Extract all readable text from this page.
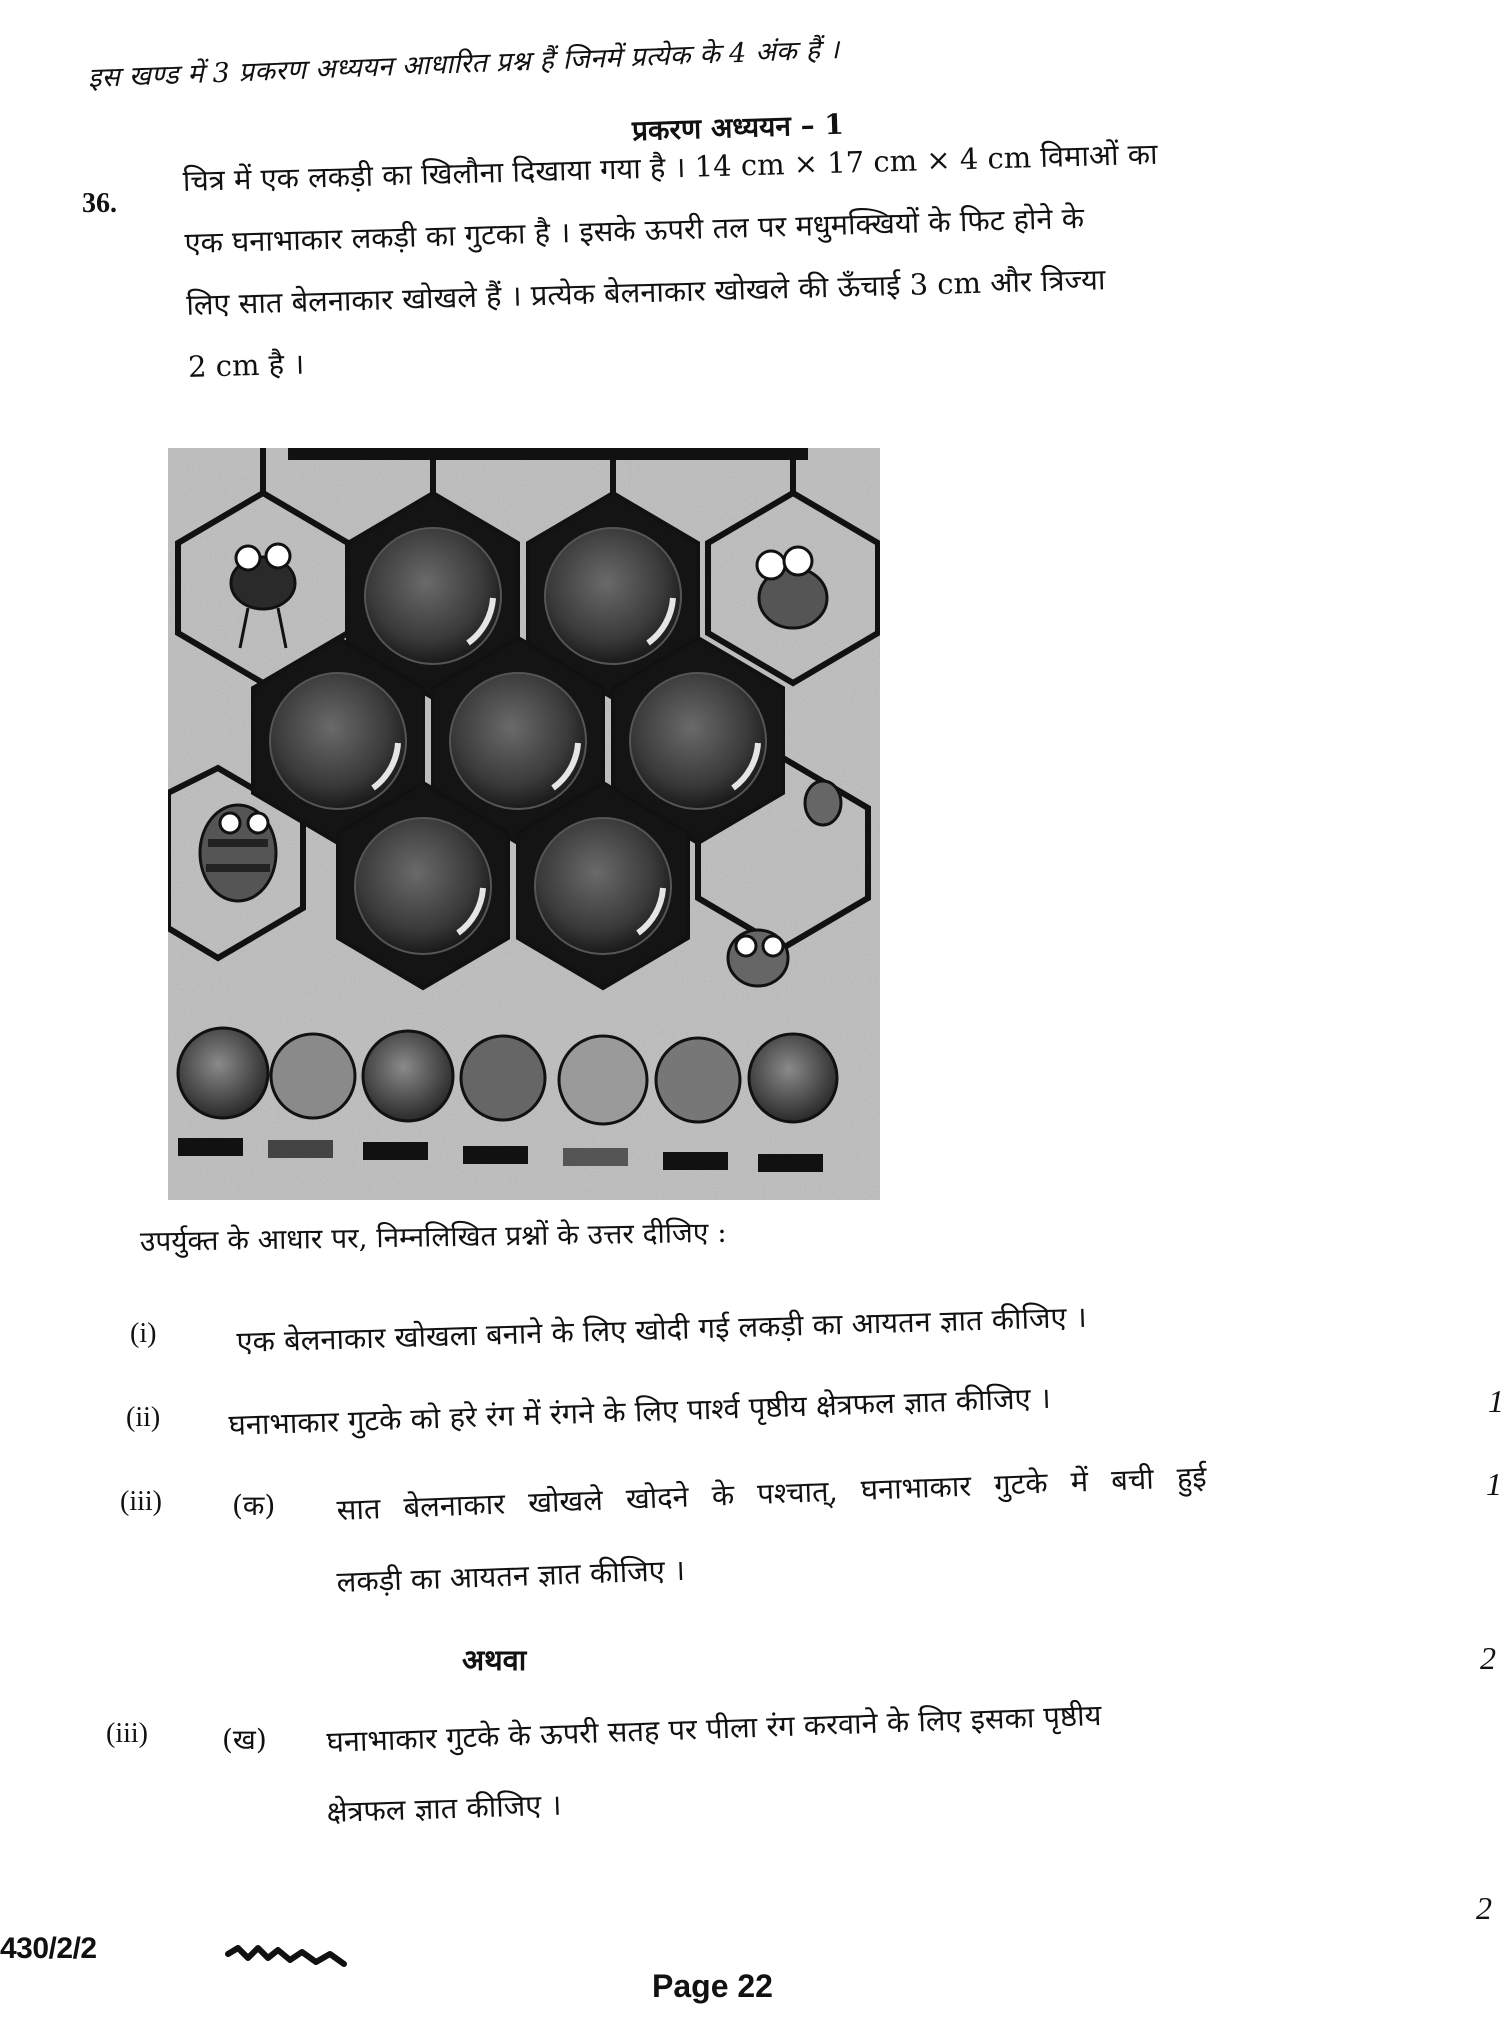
इस खण्ड में 3 प्रकरण अध्ययन आधारित प्रश्न हैं जिनमें प्रत्येक के 4 अंक हैं ।
प्रकरण अध्ययन – 1
36.
चित्र में एक लकड़ी का खिलौना दिखाया गया है । 14 cm × 17 cm × 4 cm विमाओं का
एक घनाभाकार लकड़ी का गुटका है । इसके ऊपरी तल पर मधुमक्खियों के फिट होने के
लिए सात बेलनाकार खोखले हैं । प्रत्येक बेलनाकार खोखले की ऊँचाई 3 cm और त्रिज्या
2 cm है ।
उपर्युक्त के आधार पर, निम्नलिखित प्रश्नों के उत्तर दीजिए :
(i)	एक बेलनाकार खोखला बनाने के लिए खोदी गई लकड़ी का आयतन ज्ञात कीजिए ।
1
(ii) घनाभाकार गुटके को हरे रंग में रंगने के लिए पार्श्व पृष्ठीय क्षेत्रफल ज्ञात कीजिए ।
1
(iii)	(क) सात बेलनाकार खोखले खोदने के पश्चात्, घनाभाकार गुटके में बची हुई
लकड़ी का आयतन ज्ञात कीजिए ।
2
अथवा
(iii)	(ख) घनाभाकार गुटके के ऊपरी सतह पर पीला रंग करवाने के लिए इसका पृष्ठीय
क्षेत्रफल ज्ञात कीजिए ।
2
430/2/2
Page 22
